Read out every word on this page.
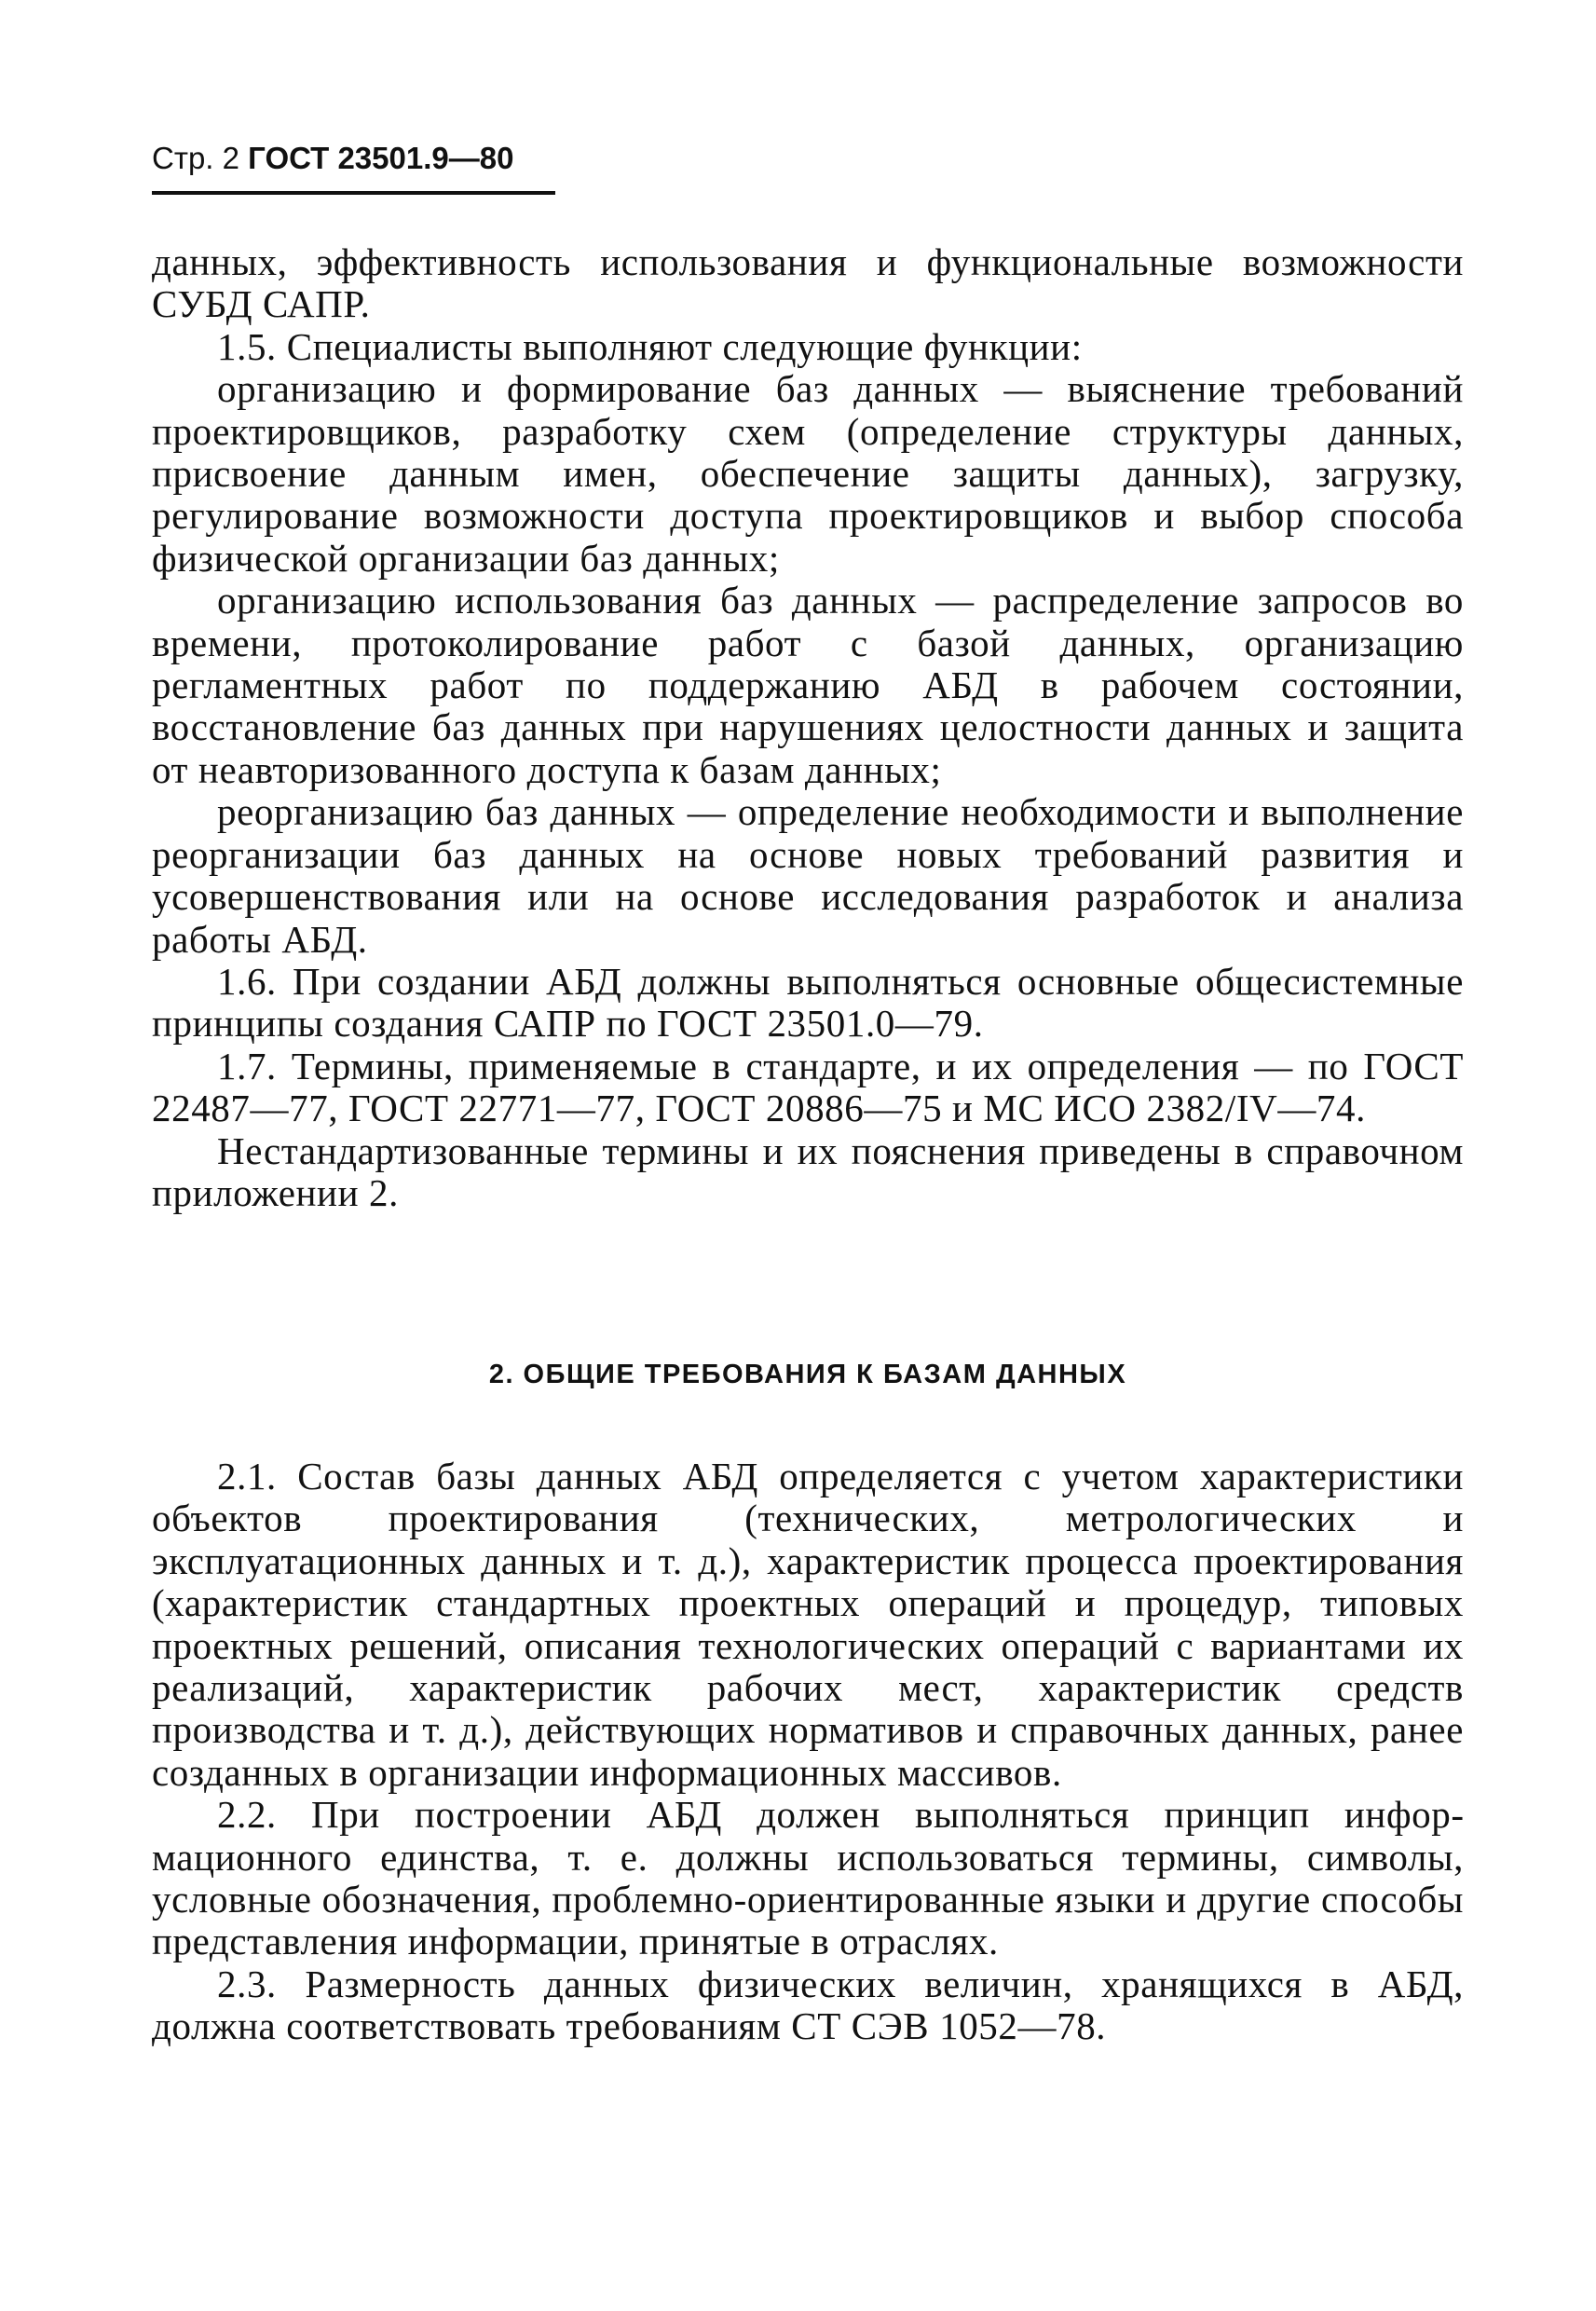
Стр. 2 ГОСТ 23501.9—80

данных, эффективность использования и функциональные возможности СУБД САПР.

1.5. Специалисты выполняют следующие функции:

организацию и формирование баз данных — выяснение требований проектировщиков, разработку схем (определение структуры данных, присвоение данным имен, обеспечение защиты данных), загрузку, регулирование возможности доступа проектировщиков и выбор способа физической организации баз данных;

организацию использования баз данных — распределение запросов во времени, протоколирование работ с базой данных, организацию регламентных работ по поддержанию АБД в рабочем состоянии, восстановление баз данных при нарушениях целостности данных и защита от неавторизованного доступа к базам данных;

реорганизацию баз данных — определение необходимости и выполнение реорганизации баз данных на основе новых требований развития и усовершенствования или на основе исследования разработок и анализа работы АБД.

1.6. При создании АБД должны выполняться основные общесистемные принципы создания САПР по ГОСТ 23501.0—79.

1.7. Термины, применяемые в стандарте, и их определения — по ГОСТ 22487—77, ГОСТ 22771—77, ГОСТ 20886—75 и МС ИСО 2382/IV—74.

Нестандартизованные термины и их пояснения приведены в справочном приложении 2.

2. ОБЩИЕ ТРЕБОВАНИЯ К БАЗАМ ДАННЫХ

2.1. Состав базы данных АБД определяется с учетом характеристики объектов проектирования (технических, метрологических и эксплуатационных данных и т. д.), характеристик процесса проектирования (характеристик стандартных проектных операций и процедур, типовых проектных решений, описания технологических операций с вариантами их реализаций, характеристик рабочих мест, характеристик средств производства и т. д.), действующих нормативов и справочных данных, ранее созданных в организации информационных массивов.

2.2. При построении АБД должен выполняться принцип информационного единства, т. е. должны использоваться термины, символы, условные обозначения, проблемно-ориентированные языки и другие способы представления информации, принятые в отраслях.

2.3. Размерность данных физических величин, хранящихся в АБД, должна соответствовать требованиям СТ СЭВ 1052—78.
